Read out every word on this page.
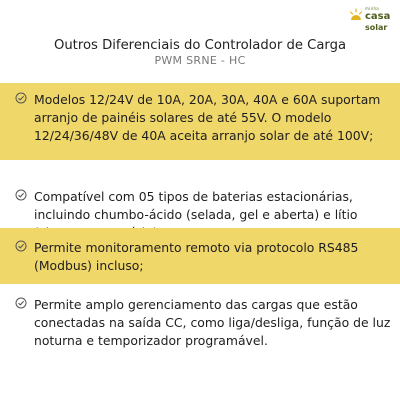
minha
casa
solar
Outros Diferenciais do Controlador de Carga
PWM SRNE - HC
Modelos 12/24V de 10A, 20A, 30A, 40A e 60A suportam arranjo de painéis solares de até 55V. O modelo 12/24/36/48V de 40A aceita arranjo solar de até 100V;
Compatível com 05 tipos de baterias estacionárias, incluindo chumbo-ácido (selada, gel e aberta) e lítio
Permite monitoramento remoto via protocolo RS485 (Modbus) incluso;
Permite amplo gerenciamento das cargas que estão conectadas na saída CC, como liga/desliga, função de luz noturna e temporizador programável.
